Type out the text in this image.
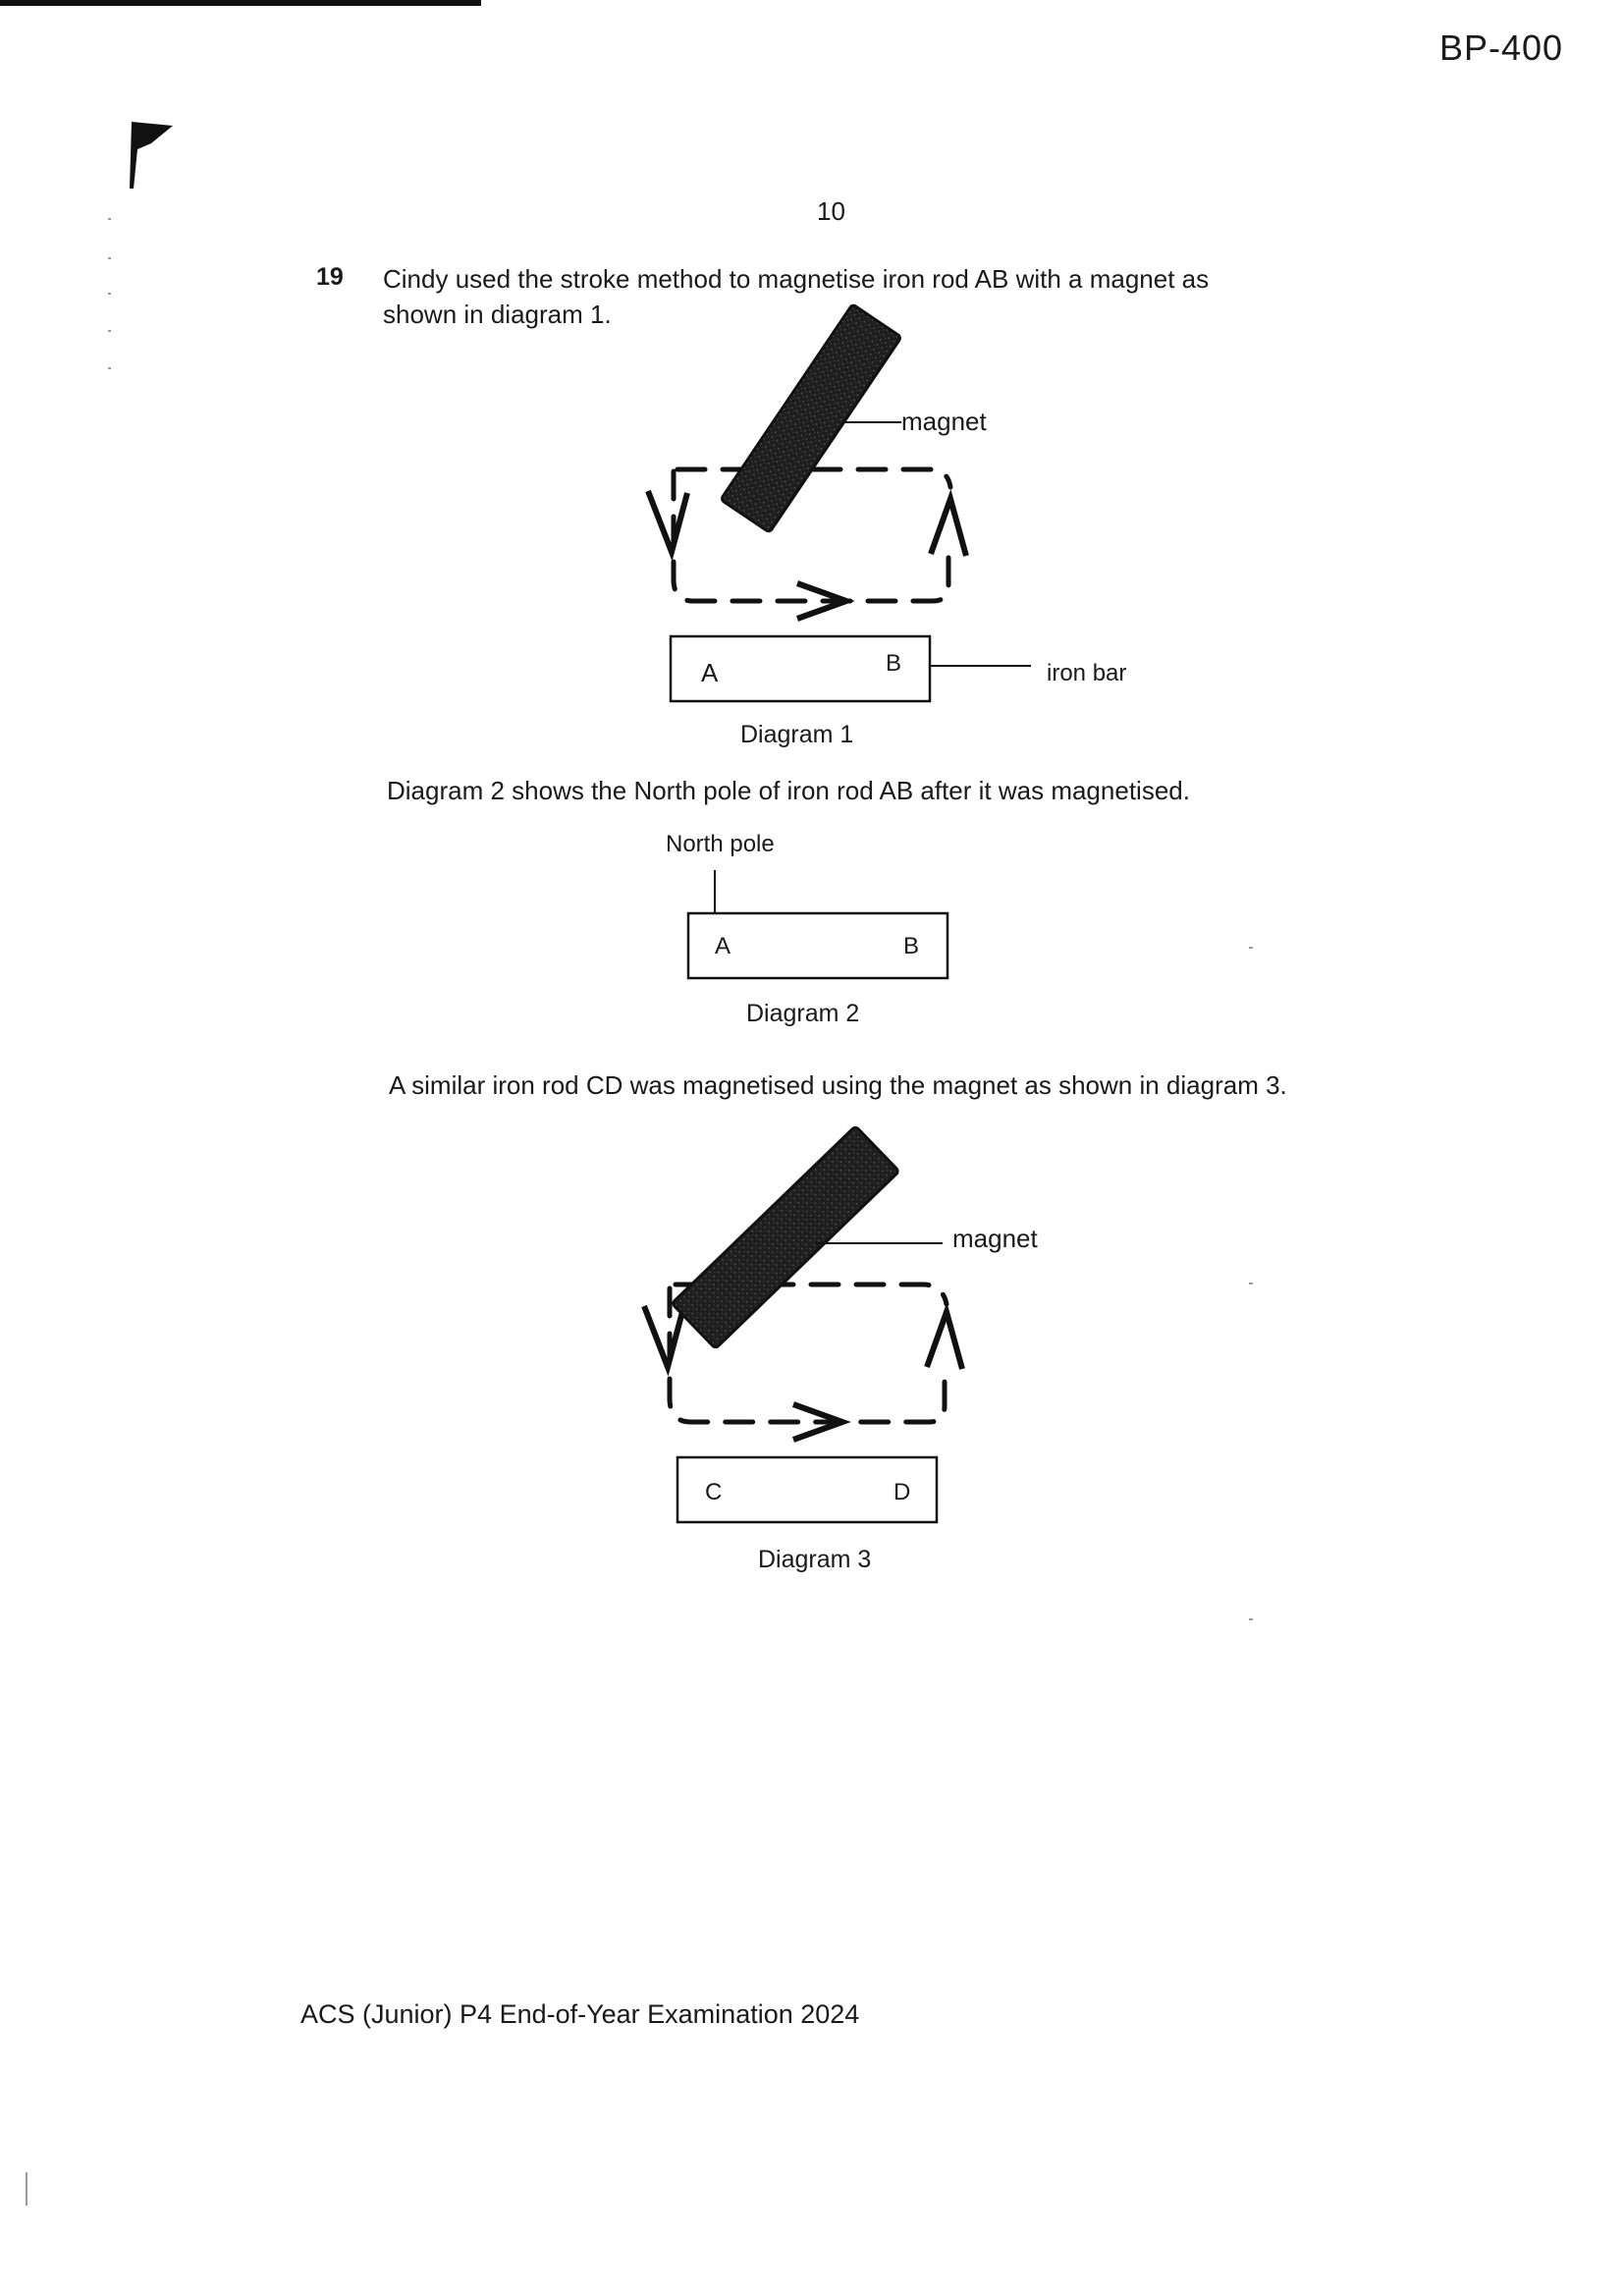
BP-400
10
19 Cindy used the stroke method to magnetise iron rod AB with a magnet as
shown in diagram 1.
magnet
A	B	iron bar
Diagram 1
Diagram 2 shows the North pole of iron rod AB after it was magnetised.
North pole
A	B
Diagram 2
A similar iron rod CD was magnetised using the magnet as shown in diagram 3.
magnet
C	D
Diagram 3
ACS (Junior) P4 End-of-Year Examination 2024
